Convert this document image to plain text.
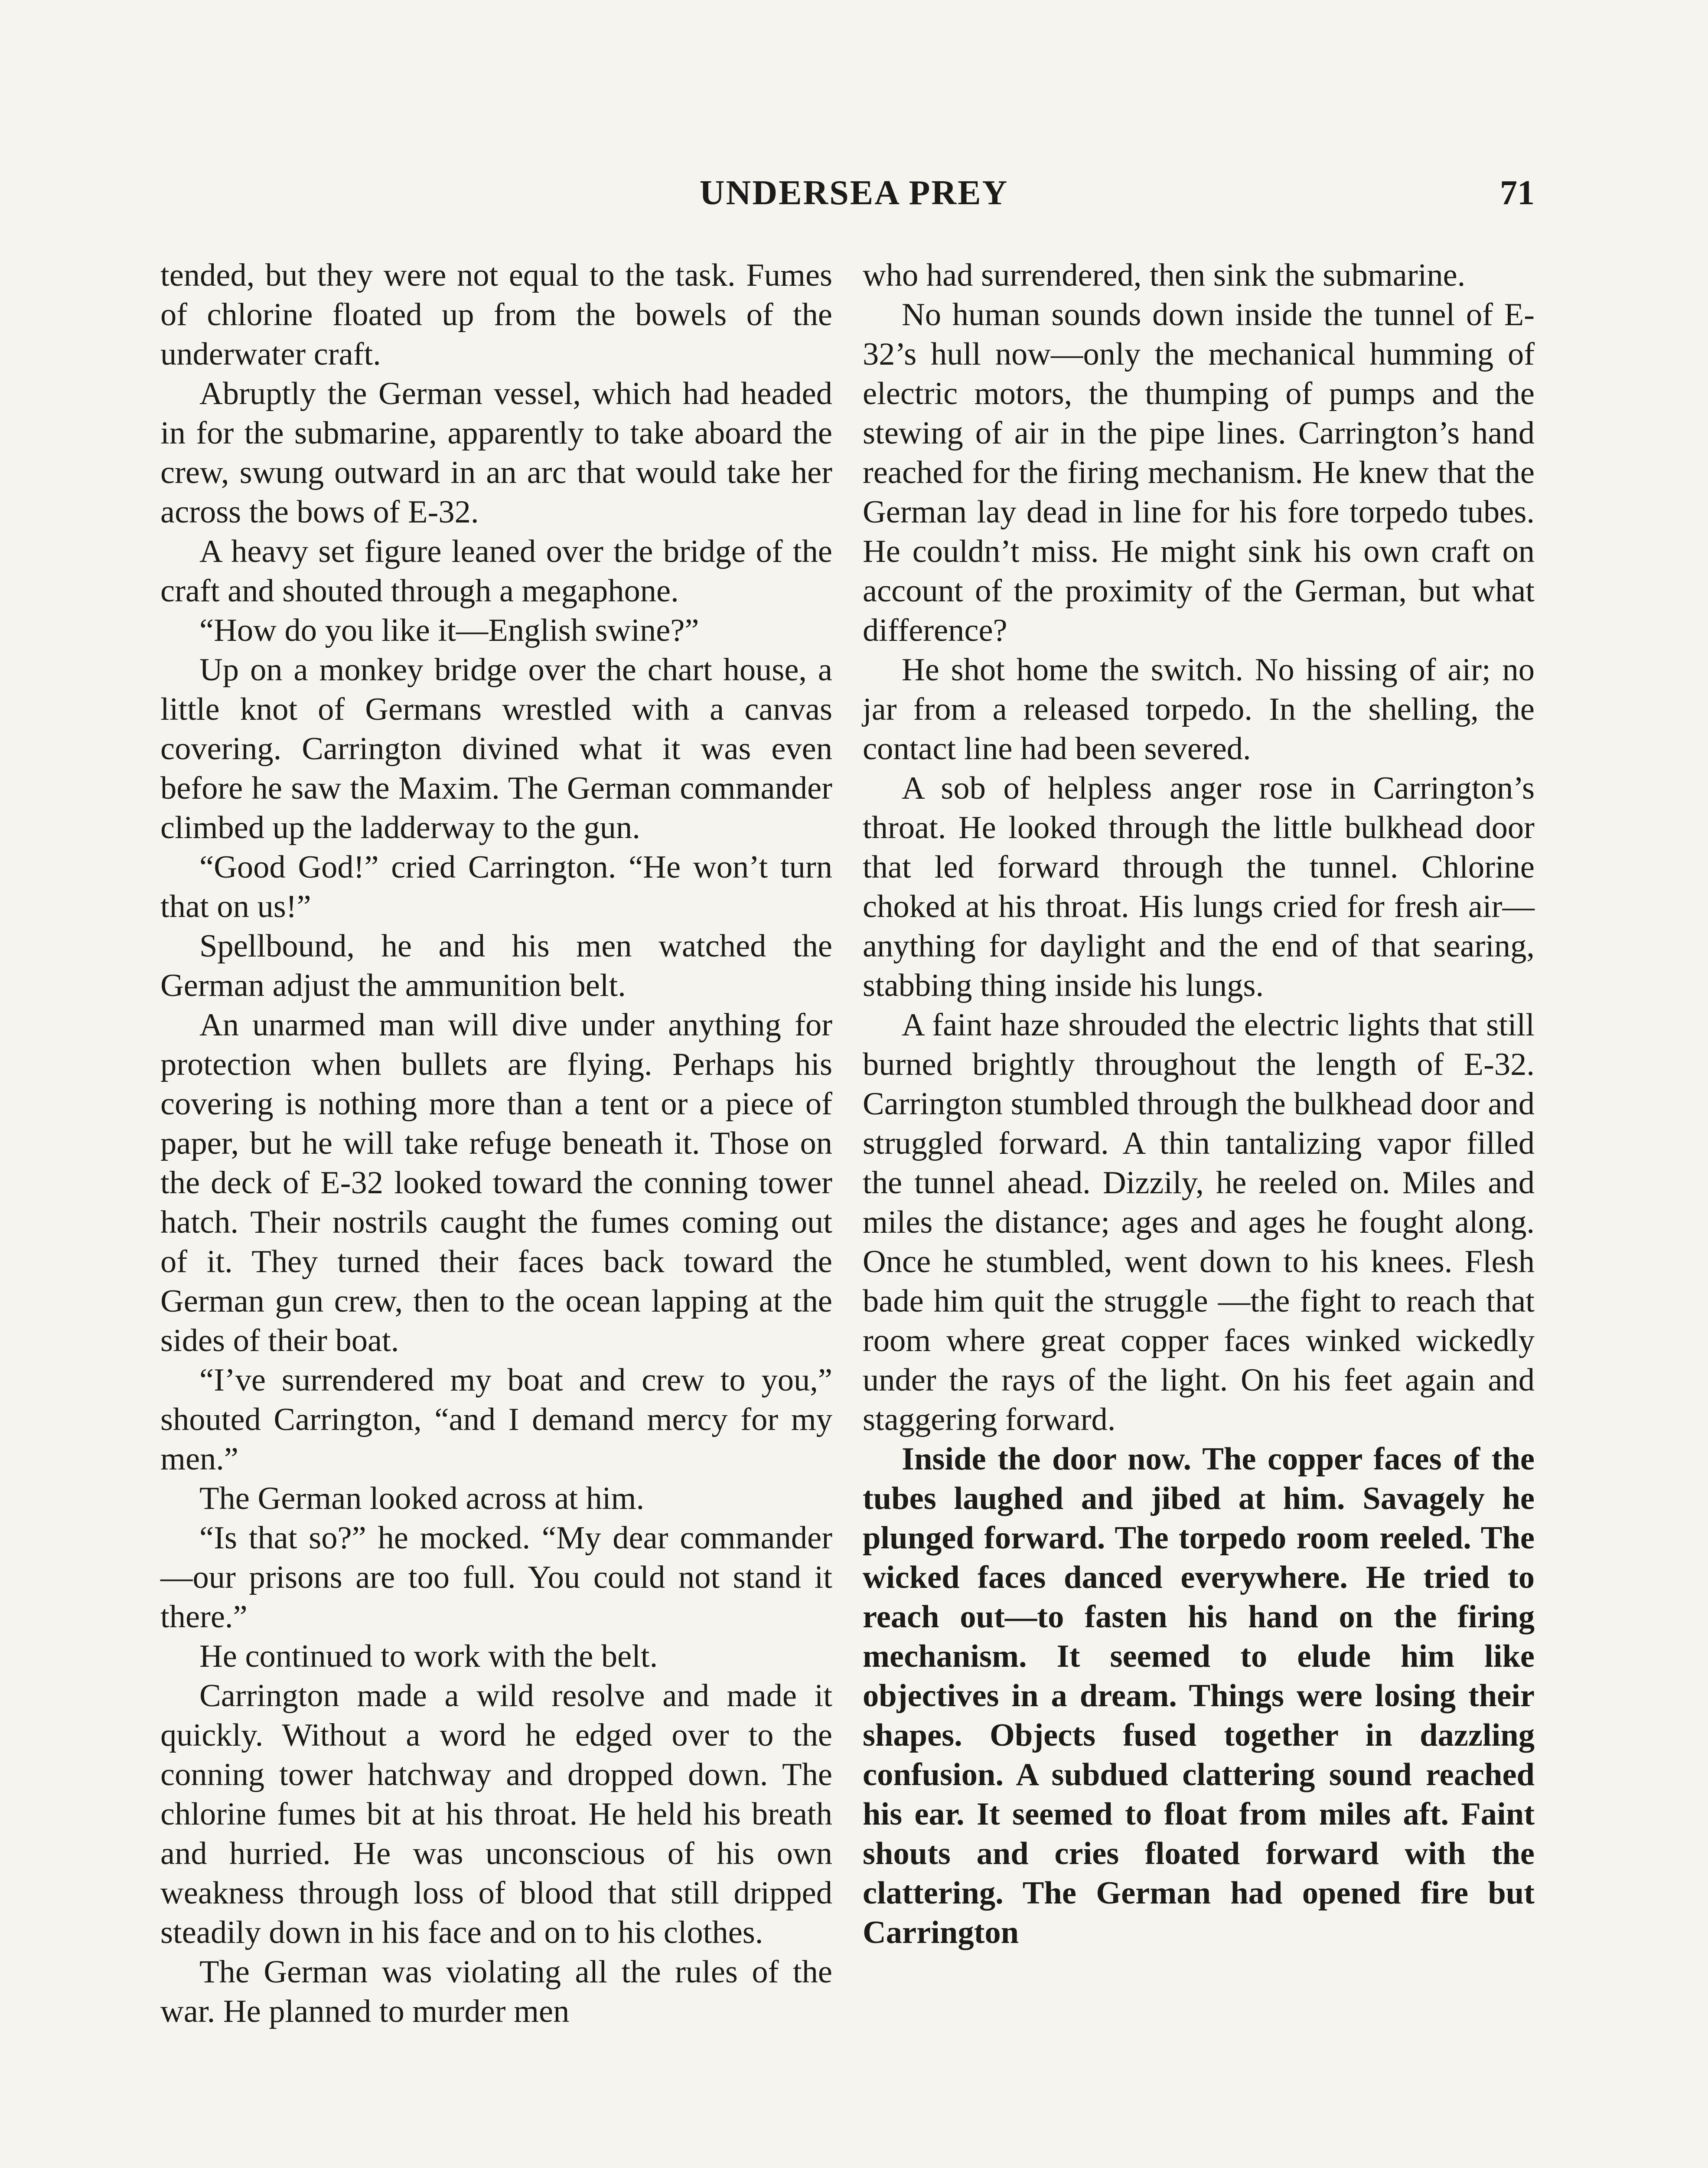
UNDERSEA PREY	71

tended, but they were not equal to the task. Fumes of chlorine floated up from the bowels of the underwater craft.

Abruptly the German vessel, which had headed in for the submarine, apparently to take aboard the crew, swung outward in an arc that would take her across the bows of E-32.

A heavy set figure leaned over the bridge of the craft and shouted through a megaphone.

“How do you like it—English swine?”

Up on a monkey bridge over the chart house, a little knot of Germans wrestled with a canvas covering. Carrington divined what it was even before he saw the Maxim. The German commander climbed up the ladderway to the gun.

“Good God!” cried Carrington. “He won’t turn that on us!”

Spellbound, he and his men watched the German adjust the ammunition belt.

An unarmed man will dive under anything for protection when bullets are flying. Perhaps his covering is nothing more than a tent or a piece of paper, but he will take refuge beneath it. Those on the deck of E-32 looked toward the conning tower hatch. Their nostrils caught the fumes coming out of it. They turned their faces back toward the German gun crew, then to the ocean lapping at the sides of their boat.

“I’ve surrendered my boat and crew to you,” shouted Carrington, “and I demand mercy for my men.”

The German looked across at him.

“Is that so?” he mocked. “My dear commander—our prisons are too full. You could not stand it there.”

He continued to work with the belt.

Carrington made a wild resolve and made it quickly. Without a word he edged over to the conning tower hatchway and dropped down. The chlorine fumes bit at his throat. He held his breath and hurried. He was unconscious of his own weakness through loss of blood that still dripped steadily down in his face and on to his clothes.

The German was violating all the rules of the war. He planned to murder men

who had surrendered, then sink the submarine.

No human sounds down inside the tunnel of E-32’s hull now—only the mechanical humming of electric motors, the thumping of pumps and the stewing of air in the pipe lines. Carrington’s hand reached for the firing mechanism. He knew that the German lay dead in line for his fore torpedo tubes. He couldn’t miss. He might sink his own craft on account of the proximity of the German, but what difference?

He shot home the switch. No hissing of air; no jar from a released torpedo. In the shelling, the contact line had been severed.

A sob of helpless anger rose in Carrington’s throat. He looked through the little bulkhead door that led forward through the tunnel. Chlorine choked at his throat. His lungs cried for fresh air—anything for daylight and the end of that searing, stabbing thing inside his lungs.

A faint haze shrouded the electric lights that still burned brightly throughout the length of E-32. Carrington stumbled through the bulkhead door and struggled forward. A thin tantalizing vapor filled the tunnel ahead. Dizzily, he reeled on. Miles and miles the distance; ages and ages he fought along. Once he stumbled, went down to his knees. Flesh bade him quit the struggle —the fight to reach that room where great copper faces winked wickedly under the rays of the light. On his feet again and staggering forward.

Inside the door now. The copper faces of the tubes laughed and jibed at him. Savagely he plunged forward. The torpedo room reeled. The wicked faces danced everywhere. He tried to reach out—to fasten his hand on the firing mechanism. It seemed to elude him like objectives in a dream. Things were losing their shapes. Objects fused together in dazzling confusion. A subdued clattering sound reached his ear. It seemed to float from miles aft. Faint shouts and cries floated forward with the clattering. The German had opened fire but Carrington
